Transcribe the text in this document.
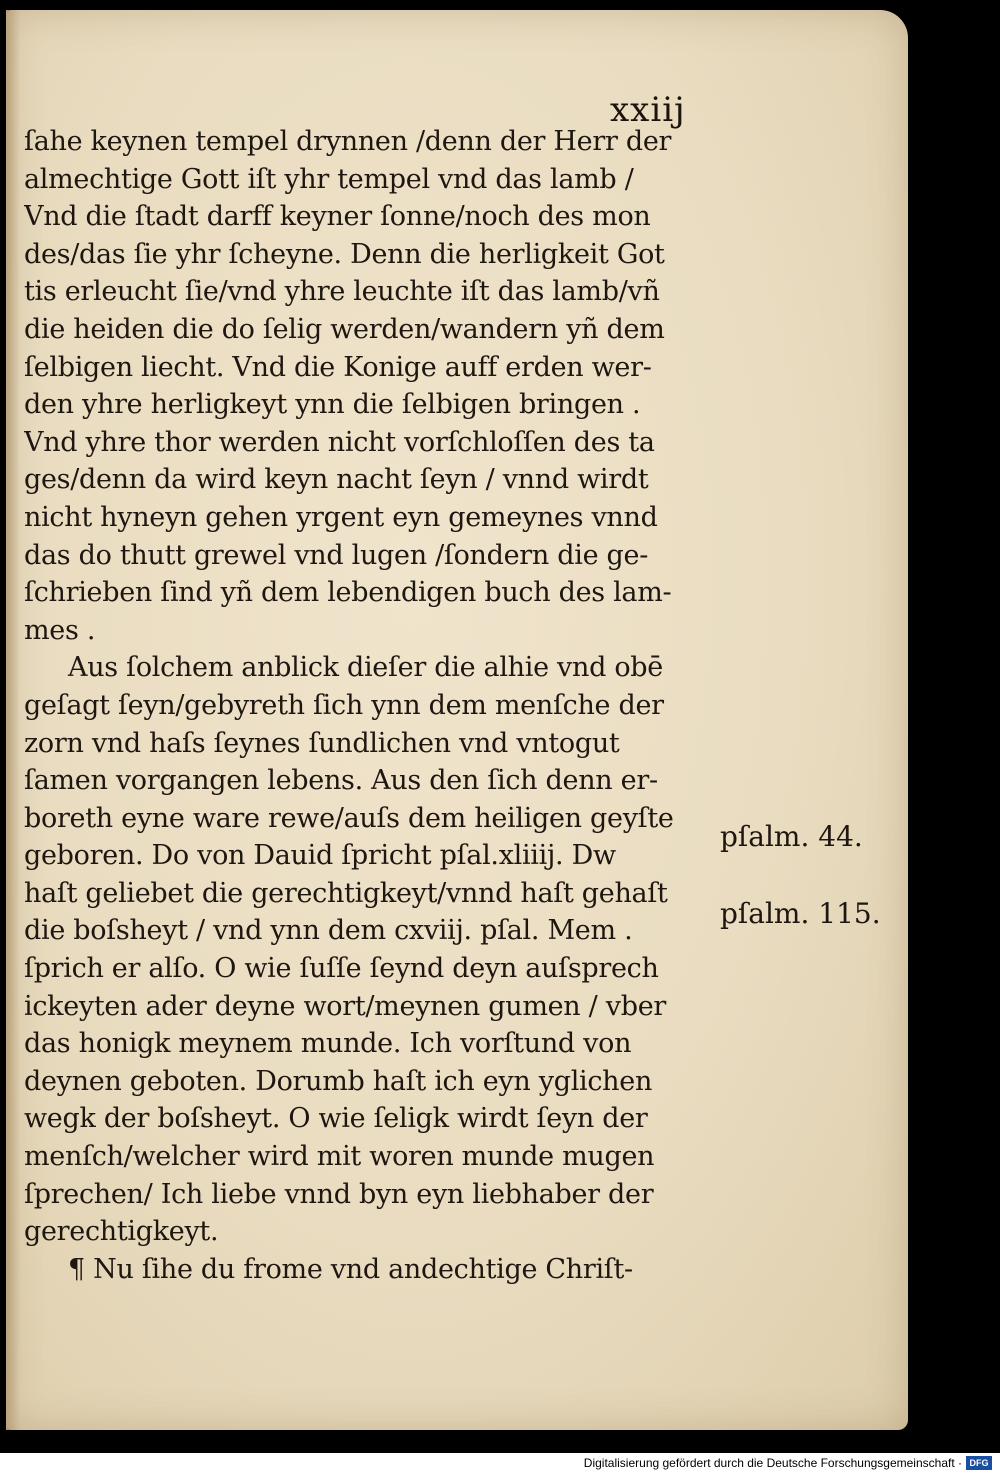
xxiij
ſahe keynen tempel drynnen /denn der Herr der
almechtige Gott iſt yhr tempel vnd das lamb /
Vnd die ſtadt darff keyner ſonne/noch des mon
des/das ſie yhr ſcheyne. Denn die herligkeit Got
tis erleucht ſie/vnd yhre leuchte iſt das lamb/vñ
die heiden die do ſelig werden/wandern yñ dem
ſelbigen liecht. Vnd die Konige auff erden wer-
den yhre herligkeyt ynn die ſelbigen bringen .
Vnd yhre thor werden nicht vorſchloſſen des ta
ges/denn da wird keyn nacht ſeyn / vnnd wirdt
nicht hyneyn gehen yrgent eyn gemeynes vnnd
das do thutt grewel vnd lugen /ſondern die ge-
ſchrieben ſind yñ dem lebendigen buch des lam-
mes .
Aus ſolchem anblick dieſer die alhie vnd obē
geſagt ſeyn/gebyreth ſich ynn dem menſche der
zorn vnd haſs ſeynes ſundlichen vnd vntogut
ſamen vorgangen lebens. Aus den ſich denn er-
boreth eyne ware rewe/auſs dem heiligen geyſte
geboren. Do von Dauid ſpricht pſal.xliiij. Dw
haſt geliebet die gerechtigkeyt/vnnd haſt gehaſt
die boſsheyt / vnd ynn dem cxviij. pſal. Mem .
ſprich er alſo. O wie ſuſſe ſeynd deyn auſsprech
ickeyten ader deyne wort/meynen gumen / vber
das honigk meynem munde. Ich vorſtund von
deynen geboten. Dorumb haſt ich eyn yglichen
wegk der boſsheyt. O wie ſeligk wirdt ſeyn der
menſch/welcher wird mit woren munde mugen
ſprechen/ Ich liebe vnnd byn eyn liebhaber der
gerechtigkeyt.
¶ Nu ſihe du frome vnd andechtige Chriſt-
pſalm. 44.
pſalm. 115.
Digitalisierung gefördert durch die Deutsche Forschungsgemeinschaft · DFG
